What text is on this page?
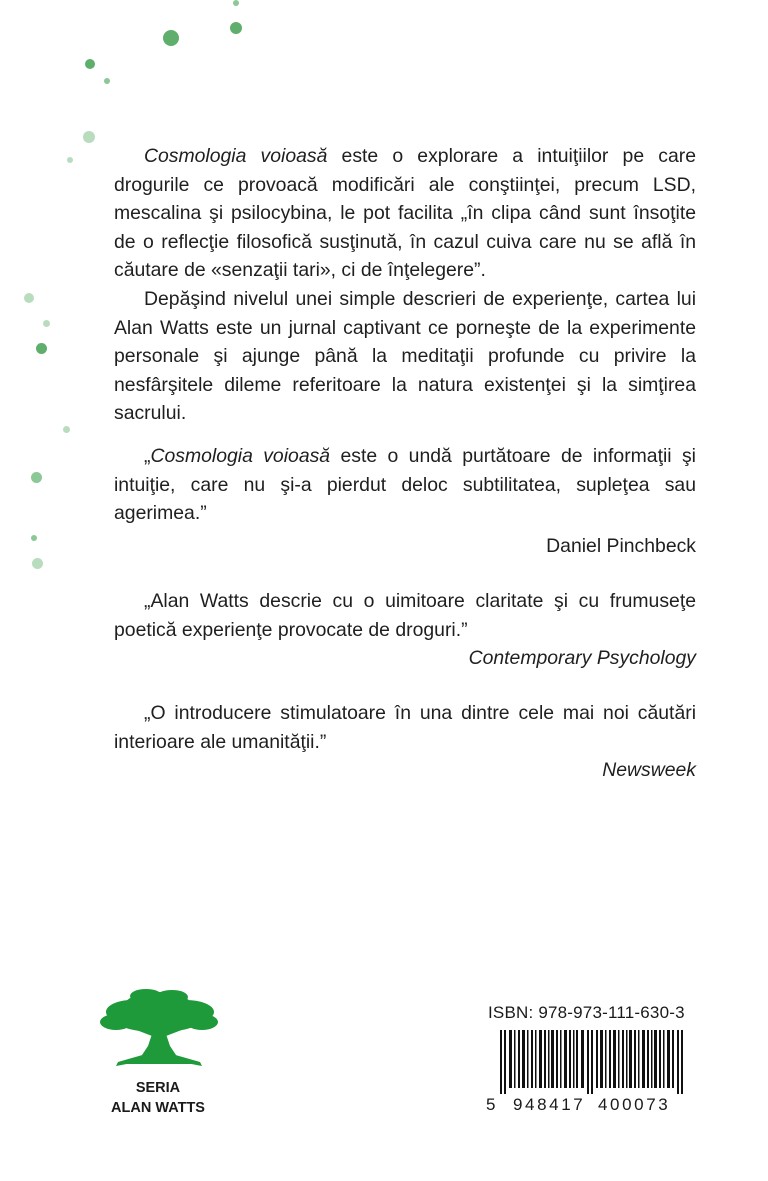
Cosmologia voioasă este o explorare a intuiţiilor pe care drogurile ce provoacă modificări ale conştiinţei, precum LSD, mescalina şi psilocybina, le pot facilita „în clipa când sunt însoţite de o reflecţie filosofică susţinută, în cazul cuiva care nu se află în căutare de «senzaţii tari», ci de înţelegere”.

Depăşind nivelul unei simple descrieri de experienţe, cartea lui Alan Watts este un jurnal captivant ce porneşte de la experimente personale şi ajunge până la meditaţii profunde cu privire la nesfârşitele dileme referitoare la natura existenţei şi la simţirea sacrului.

„Cosmologia voioasă este o undă purtătoare de informaţii şi intuiţie, care nu şi-a pierdut deloc subtilitatea, supleţea sau agerimea.”

Daniel Pinchbeck

„Alan Watts descrie cu o uimitoare claritate şi cu frumuseţe poetică experienţe provocate de droguri.”

Contemporary Psychology

„O introducere stimulatoare în una dintre cele mai noi căutări interioare ale umanităţii.”

Newsweek

SERIA
ALAN WATTS
ISBN: 978-973-111-630-3
5 948417 400073
